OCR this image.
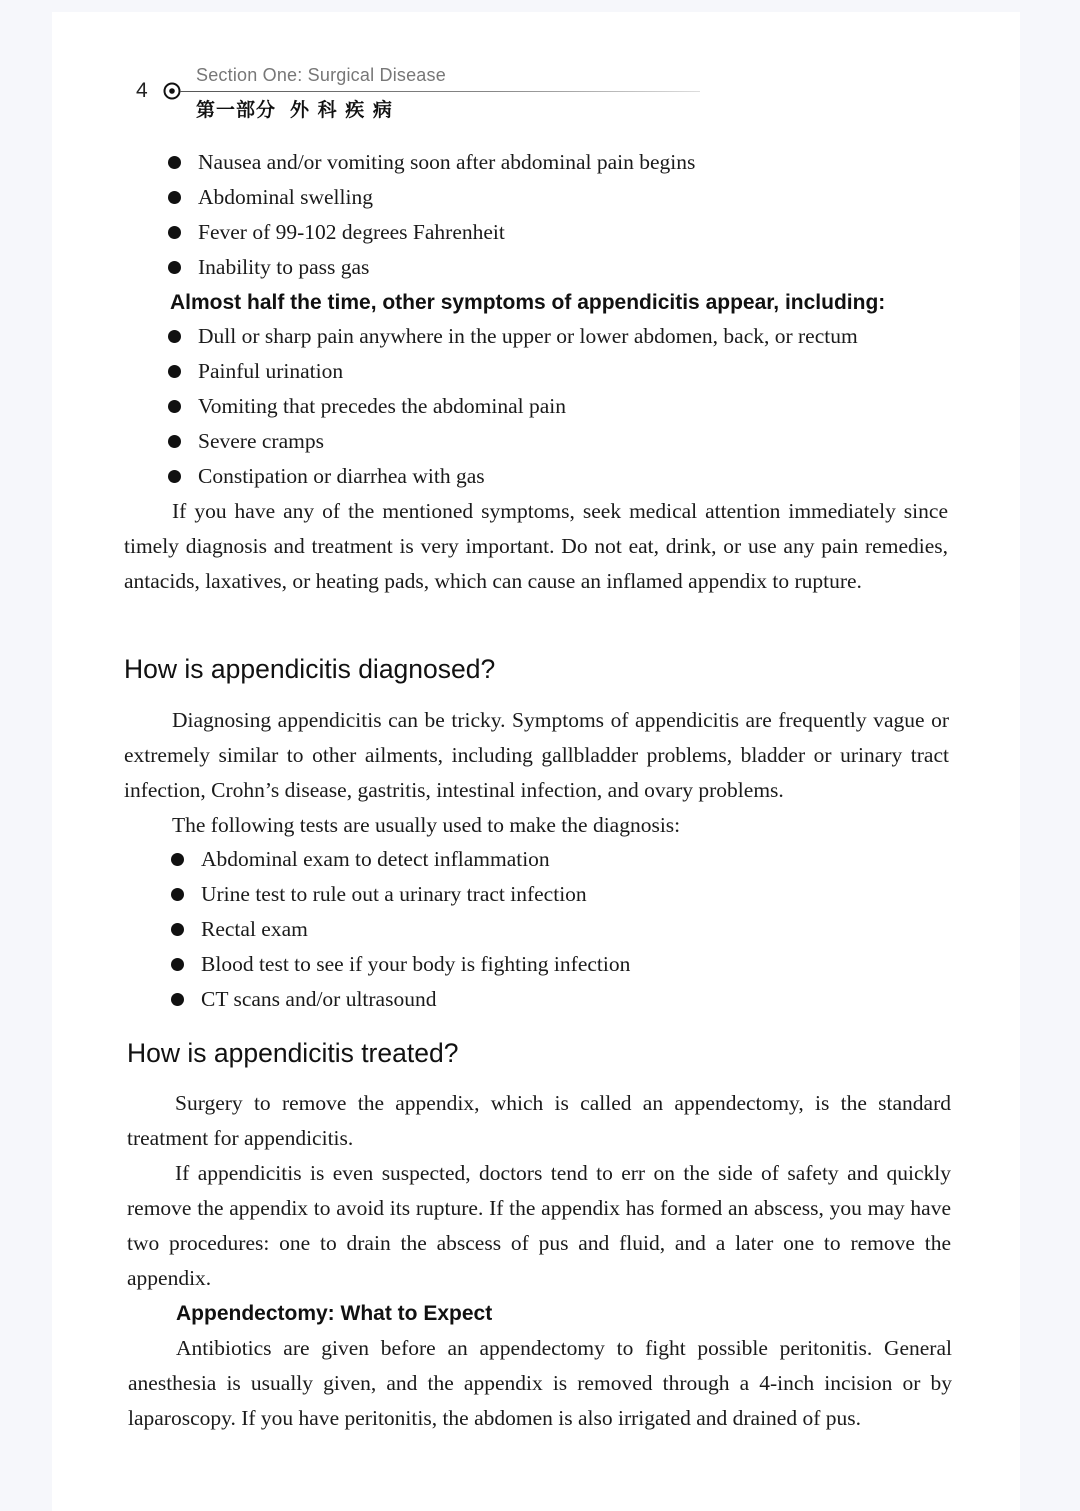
4
Section One: Surgical Disease
第一部分 外 科 疾 病
Nausea and/or vomiting soon after abdominal pain begins
Abdominal swelling
Fever of 99-102 degrees Fahrenheit
Inability to pass gas
Almost half the time, other symptoms of appendicitis appear, including:
Dull or sharp pain anywhere in the upper or lower abdomen, back, or rectum
Painful urination
Vomiting that precedes the abdominal pain
Severe cramps
Constipation or diarrhea with gas
If you have any of the mentioned symptoms, seek medical attention immediately since timely diagnosis and treatment is very important. Do not eat, drink, or use any pain remedies, antacids, laxatives, or heating pads, which can cause an inflamed appendix to rupture.
How is appendicitis diagnosed?
Diagnosing appendicitis can be tricky. Symptoms of appendicitis are frequently vague or extremely similar to other ailments, including gallbladder problems, bladder or urinary tract infection, Crohn’s disease, gastritis, intestinal infection, and ovary problems.
The following tests are usually used to make the diagnosis:
Abdominal exam to detect inflammation
Urine test to rule out a urinary tract infection
Rectal exam
Blood test to see if your body is fighting infection
CT scans and/or ultrasound
How is appendicitis treated?
Surgery to remove the appendix, which is called an appendectomy, is the standard treatment for appendicitis.
If appendicitis is even suspected, doctors tend to err on the side of safety and quickly remove the appendix to avoid its rupture. If the appendix has formed an abscess, you may have two procedures: one to drain the abscess of pus and fluid, and a later one to remove the appendix.
Appendectomy: What to Expect
Antibiotics are given before an appendectomy to fight possible peritonitis. General anesthesia is usually given, and the appendix is removed through a 4-inch incision or by laparoscopy. If you have peritonitis, the abdomen is also irrigated and drained of pus.
